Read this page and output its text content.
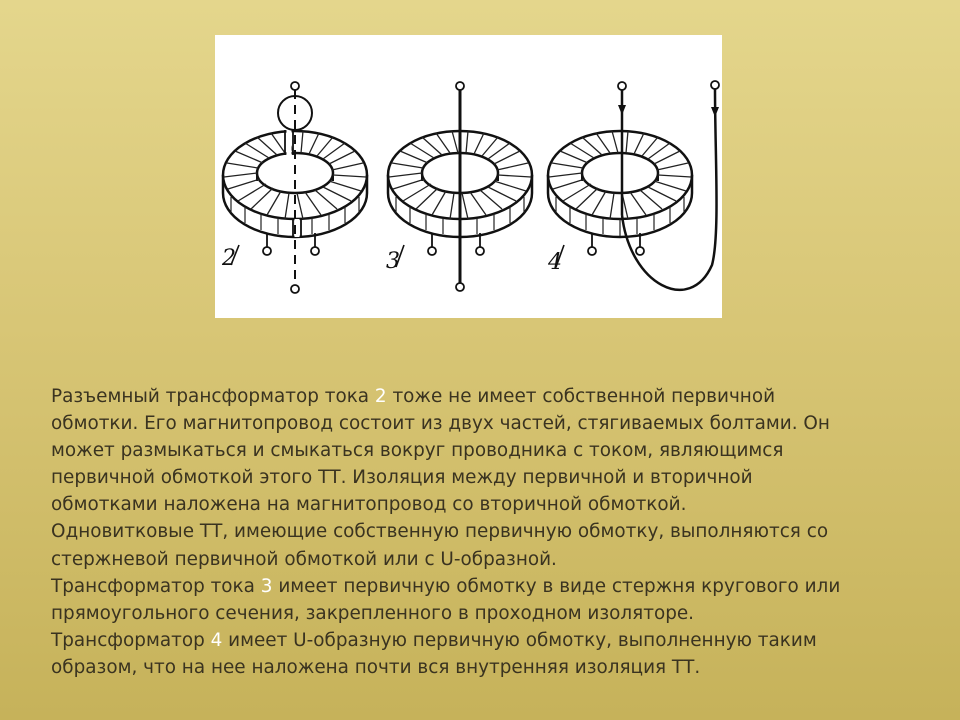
2	3	4
Разъемный трансформатор тока 2 тоже не имеет собственной первичной
обмотки. Его магнитопровод состоит из двух частей, стягиваемых болтами. Он
может размыкаться и смыкаться вокруг проводника с током, являющимся
первичной обмоткой этого ТТ. Изоляция между первичной и вторичной
обмотками наложена на магнитопровод со вторичной обмоткой.
Одновитковые ТТ, имеющие собственную первичную обмотку, выполняются со
стержневой первичной обмоткой или с U-образной.
Трансформатор тока 3 имеет первичную обмотку в виде стержня кругового или
прямоугольного сечения, закрепленного в проходном изоляторе.
Трансформатор 4 имеет U-образную первичную обмотку, выполненную таким
образом, что на нее наложена почти вся внутренняя изоляция ТТ.
